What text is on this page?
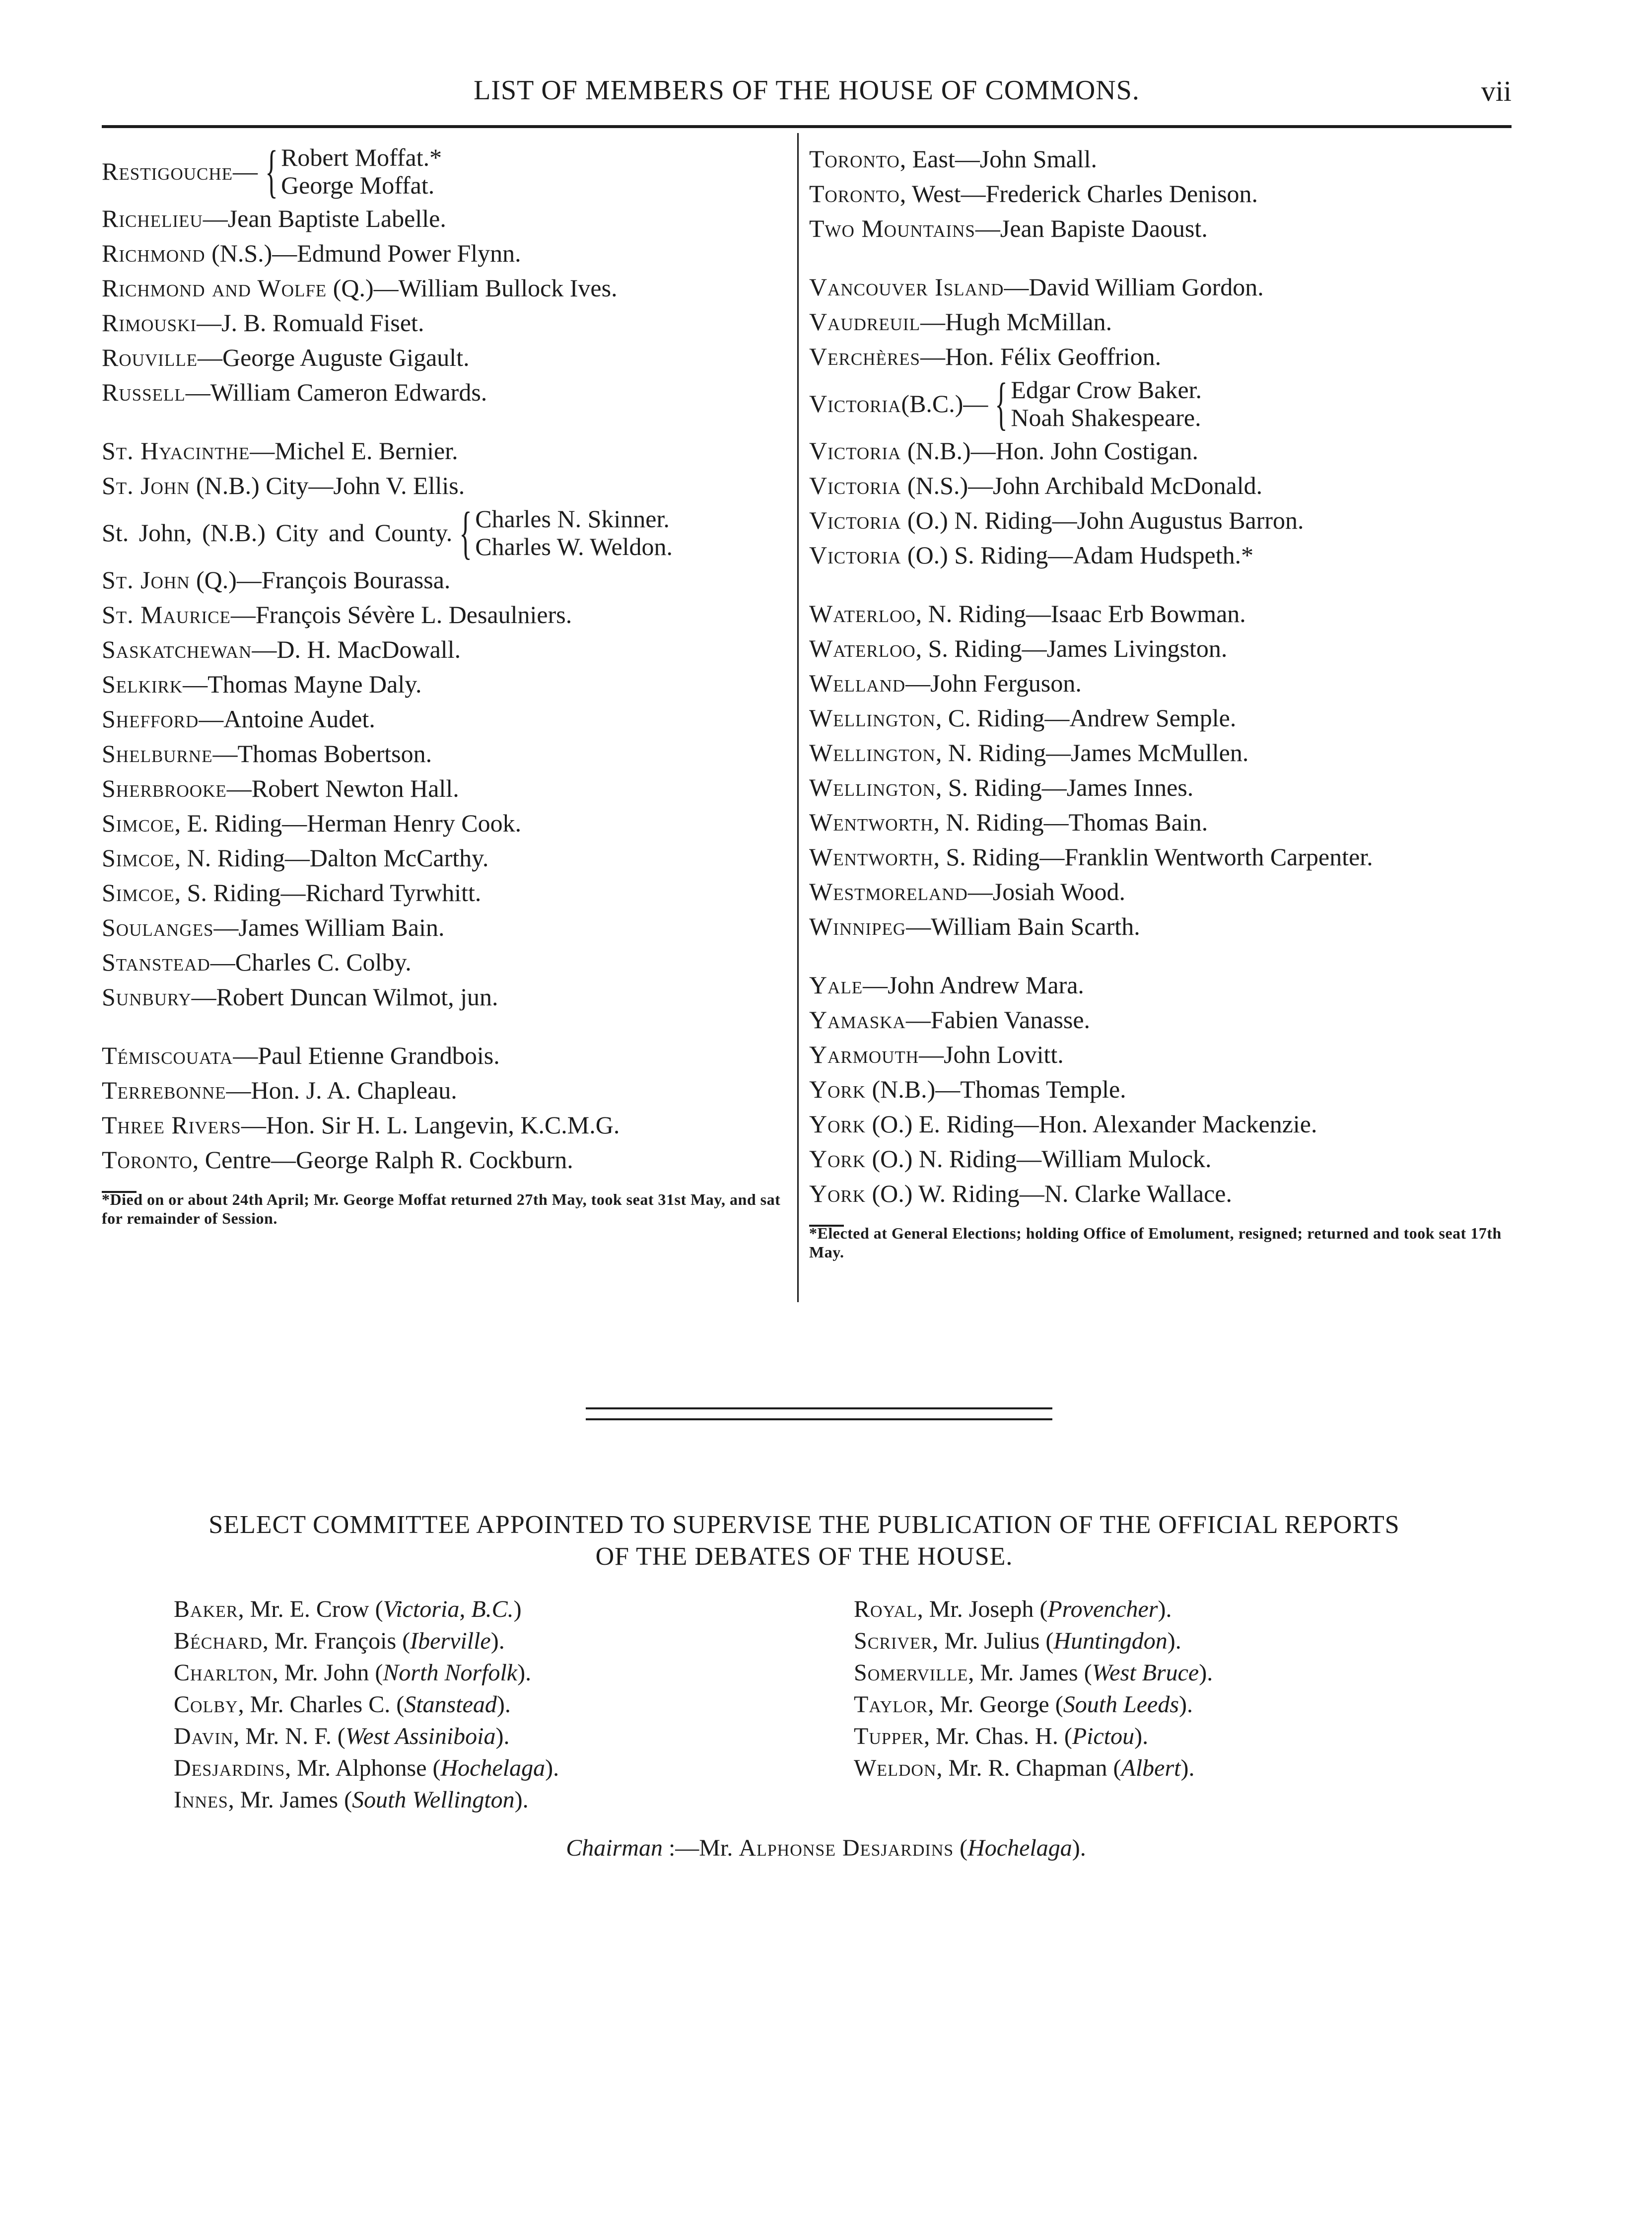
LIST OF MEMBERS OF THE HOUSE OF COMMONS.	vii
Restigouche— { Robert Moffat.*
George Moffat.
Richelieu—Jean Baptiste Labelle.
Richmond (N.S.)—Edmund Power Flynn.
Richmond and Wolfe (Q.)—William Bullock Ives.
Rimouski—J. B. Romuald Fiset.
Rouville—George Auguste Gigault.
Russell—William Cameron Edwards.
St. Hyacinthe—Michel E. Bernier.
St. John (N.B.) City—John V. Ellis.
St. John, (N.B.) City and County. { Charles N. Skinner.
Charles W. Weldon.
St. John (Q.)—François Bourassa.
St. Maurice—François Sévère L. Desaulniers.
Saskatchewan—D. H. MacDowall.
Selkirk—Thomas Mayne Daly.
Shefford—Antoine Audet.
Shelburne—Thomas Bobertson.
Sherbrooke—Robert Newton Hall.
Simcoe, E. Riding—Herman Henry Cook.
Simcoe, N. Riding—Dalton McCarthy.
Simcoe, S. Riding—Richard Tyrwhitt.
Soulanges—James William Bain.
Stanstead—Charles C. Colby.
Sunbury—Robert Duncan Wilmot, jun.
Témiscouata—Paul Etienne Grandbois.
Terrebonne—Hon. J. A. Chapleau.
Three Rivers—Hon. Sir H. L. Langevin, K.C.M.G.
Toronto, Centre—George Ralph R. Cockburn.
*Died on or about 24th April; Mr. George Moffat returned 27th May, took seat 31st May, and sat for remainder of Session.
Toronto, East—John Small.
Toronto, West—Frederick Charles Denison.
Two Mountains—Jean Bapiste Daoust.
Vancouver Island—David William Gordon.
Vaudreuil—Hugh McMillan.
Verchères—Hon. Félix Geoffrion.
Victoria (B.C.)— { Edgar Crow Baker.
Noah Shakespeare.
Victoria (N.B.)—Hon. John Costigan.
Victoria (N.S.)—John Archibald McDonald.
Victoria (O.) N. Riding—John Augustus Barron.
Victoria (O.) S. Riding—Adam Hudspeth.*
Waterloo, N. Riding—Isaac Erb Bowman.
Waterloo, S. Riding—James Livingston.
Welland—John Ferguson.
Wellington, C. Riding—Andrew Semple.
Wellington, N. Riding—James McMullen.
Wellington, S. Riding—James Innes.
Wentworth, N. Riding—Thomas Bain.
Wentworth, S. Riding—Franklin Wentworth Carpenter.
Westmoreland—Josiah Wood.
Winnipeg—William Bain Scarth.
Yale—John Andrew Mara.
Yamaska—Fabien Vanasse.
Yarmouth—John Lovitt.
York (N.B.)—Thomas Temple.
York (O.) E. Riding—Hon. Alexander Mackenzie.
York (O.) N. Riding—William Mulock.
York (O.) W. Riding—N. Clarke Wallace.
*Elected at General Elections; holding Office of Emolument, resigned; returned and took seat 17th May.
SELECT COMMITTEE APPOINTED TO SUPERVISE THE PUBLICATION OF THE OFFICIAL REPORTS
OF THE DEBATES OF THE HOUSE.
Baker, Mr. E. Crow (Victoria, B.C.)
Béchard, Mr. François (Iberville).
Charlton, Mr. John (North Norfolk).
Colby, Mr. Charles C. (Stanstead).
Davin, Mr. N. F. (West Assiniboia).
Desjardins, Mr. Alphonse (Hochelaga).
Innes, Mr. James (South Wellington).
Royal, Mr. Joseph (Provencher).
Scriver, Mr. Julius (Huntingdon).
Somerville, Mr. James (West Bruce).
Taylor, Mr. George (South Leeds).
Tupper, Mr. Chas. H. (Pictou).
Weldon, Mr. R. Chapman (Albert).
Chairman :—Mr. Alphonse Desjardins (Hochelaga).
